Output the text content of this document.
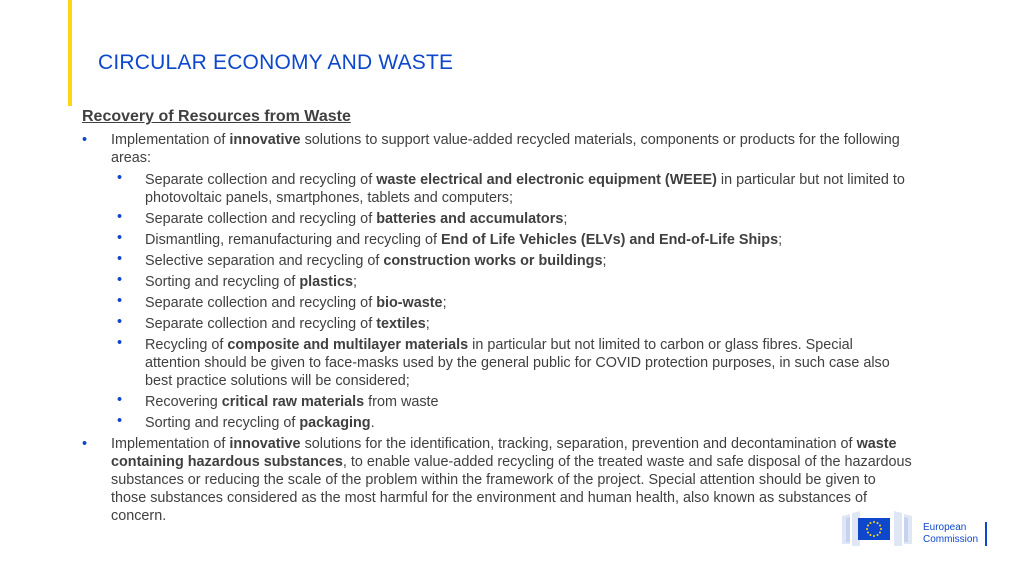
CIRCULAR ECONOMY AND WASTE
Recovery of Resources from Waste
• Implementation of innovative solutions to support value-added recycled materials, components or products for the following areas:
• Separate collection and recycling of waste electrical and electronic equipment (WEEE) in particular but not limited to photovoltaic panels, smartphones, tablets and computers;
• Separate collection and recycling of batteries and accumulators;
• Dismantling, remanufacturing and recycling of End of Life Vehicles (ELVs) and End-of-Life Ships;
• Selective separation and recycling of construction works or buildings;
• Sorting and recycling of plastics;
• Separate collection and recycling of bio-waste;
• Separate collection and recycling of textiles;
• Recycling of composite and multilayer materials in particular but not limited to carbon or glass fibres. Special attention should be given to face-masks used by the general public for COVID protection purposes, in such case also best practice solutions will be considered;
• Recovering critical raw materials from waste
• Sorting and recycling of packaging.
• Implementation of innovative solutions for the identification, tracking, separation, prevention and decontamination of waste containing hazardous substances, to enable value-added recycling of the treated waste and safe disposal of the hazardous substances or reducing the scale of the problem within the framework of the project. Special attention should be given to those substances considered as the most harmful for the environment and human health, also known as substances of concern.
European
Commission
